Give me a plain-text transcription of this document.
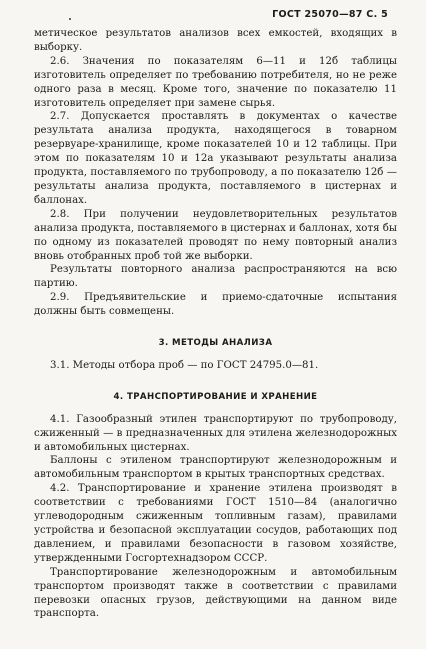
ГОСТ 25070—87 С. 5

метическое результатов анализов всех емкостей, входящих в выборку.

2.6. Значения по показателям 6—11 и 12б таблицы изготовитель определяет по требованию потребителя, но не реже одного раза в месяц. Кроме того, значение по показателю 11 изготовитель определяет при замене сырья.

2.7. Допускается проставлять в документах о качестве результата анализа продукта, находящегося в товарном резервуаре-хранилище, кроме показателей 10 и 12 таблицы. При этом по показателям 10 и 12а указывают результаты анализа продукта, поставляемого по трубопроводу, а по показателю 12б — результаты анализа продукта, поставляемого в цистернах и баллонах.

2.8. При получении неудовлетворительных результатов анализа продукта, поставляемого в цистернах и баллонах, хотя бы по одному из показателей проводят по нему повторный анализ вновь отобранных проб той же выборки.

Результаты повторного анализа распространяются на всю партию.

2.9. Предъявительские и приемо-сдаточные испытания должны быть совмещены.

3. МЕТОДЫ АНАЛИЗА

3.1. Методы отбора проб — по ГОСТ 24795.0—81.

4. ТРАНСПОРТИРОВАНИЕ И ХРАНЕНИЕ

4.1. Газообразный этилен транспортируют по трубопроводу, сжиженный — в предназначенных для этилена железнодорожных и автомобильных цистернах.

Баллоны с этиленом транспортируют железнодорожным и автомобильным транспортом в крытых транспортных средствах.

4.2. Транспортирование и хранение этилена производят в соответствии с требованиями ГОСТ 1510—84 (аналогично углеводородным сжиженным топливным газам), правилами устройства и безопасной эксплуатации сосудов, работающих под давлением, и правилами безопасности в газовом хозяйстве, утвержденными Госгортехнадзором СССР.

Транспортирование железнодорожным и автомобильным транспортом производят также в соответствии с правилами перевозки опасных грузов, действующими на данном виде транспорта.
